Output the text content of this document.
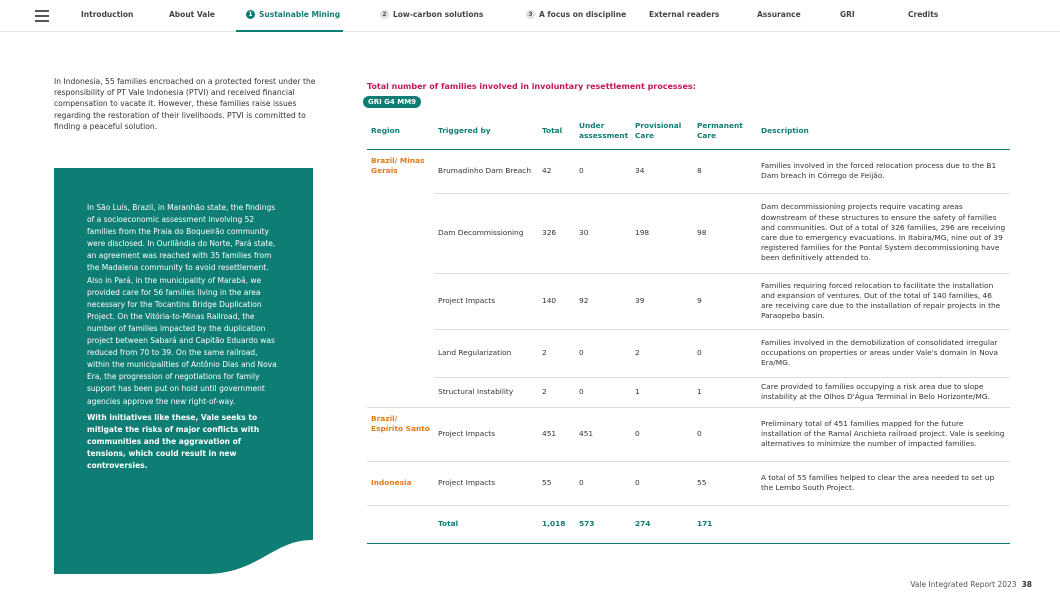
Introduction	About Vale	1 Sustainable Mining	2 Low-carbon solutions	3 A focus on discipline	External readers	Assurance	GRI	Credits

In Indonesia, 55 families encroached on a protected forest under the responsibility of PT Vale Indonesia (PTVI) and received financial compensation to vacate it. However, these families raise issues regarding the restoration of their livelihoods. PTVI is committed to finding a peaceful solution.

In São Luís, Brazil, in Maranhão state, the findings of a socioeconomic assessment involving 52 families from the Praia do Boqueirão community were disclosed. In Ourilândia do Norte, Pará state, an agreement was reached with 35 families from the Madalena community to avoid resettlement. Also in Pará, in the municipality of Marabá, we provided care for 56 families living in the area necessary for the Tocantins Bridge Duplication Project. On the Vitória-to-Minas Railroad, the number of families impacted by the duplication project between Sabará and Capitão Eduardo was reduced from 70 to 39. On the same railroad, within the municipalities of Antônio Dias and Nova Era, the progression of negotiations for family support has been put on hold until government agencies approve the new right-of-way.

With initiatives like these, Vale seeks to mitigate the risks of major conflicts with communities and the aggravation of tensions, which could result in new controversies.

Total number of families involved in involuntary resettlement processes:
GRI G4 MM9
Region	Triggered by	Total	Under assessment	Provisional Care	Permanent Care	Description
Brazil/ Minas Gerais	Brumadinho Dam Breach	42	0	34	8	Families involved in the forced relocation process due to the B1 Dam breach in Córrego de Feijão.
	Dam Decommissioning	326	30	198	98	Dam decommissioning projects require vacating areas downstream of these structures to ensure the safety of families and communities. Out of a total of 326 families, 296 are receiving care due to emergency evacuations. In Itabira/MG, nine out of 39 registered families for the Pontal System decommissioning have been definitively attended to.
	Project Impacts	140	92	39	9	Families requiring forced relocation to facilitate the installation and expansion of ventures. Out of the total of 140 families, 46 are receiving care due to the installation of repair projects in the Paraopeba basin.
	Land Regularization	2	0	2	0	Families involved in the demobilization of consolidated irregular occupations on properties or areas under Vale's domain in Nova Era/MG.
	Structural Instability	2	0	1	1	Care provided to families occupying a risk area due to slope instability at the Olhos D'Água Terminal in Belo Horizonte/MG.
Brazil/ Espírito Santo	Project Impacts	451	451	0	0	Preliminary total of 451 families mapped for the future installation of the Ramal Anchieta railroad project. Vale is seeking alternatives to minimize the number of impacted families.
Indonesia	Project Impacts	55	0	0	55	A total of 55 families helped to clear the area needed to set up the Lembo South Project.
	Total	1,018	573	274	171	
Vale Integrated Report 2023 38
